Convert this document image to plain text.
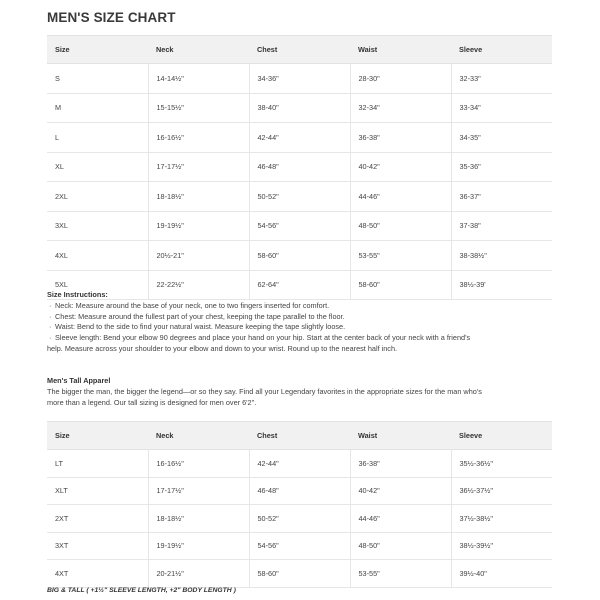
MEN'S SIZE CHART
Size	Neck	Chest	Waist	Sleeve
S	14-14½"	34-36"	28-30"	32-33"
M	15-15½"	38-40"	32-34"	33-34"
L	16-16½"	42-44"	36-38"	34-35"
XL	17-17½"	46-48"	40-42"	35-36"
2XL	18-18½"	50-52"	44-46"	36-37"
3XL	19-19½"	54-56"	48-50"	37-38"
4XL	20½-21"	58-60"	53-55"	38-38½"
5XL	22-22½"	62-64"	58-60"	38½-39'
Size Instructions:
· Neck: Measure around the base of your neck, one to two fingers inserted for comfort.
· Chest: Measure around the fullest part of your chest, keeping the tape parallel to the floor.
· Waist: Bend to the side to find your natural waist. Measure keeping the tape slightly loose.
· Sleeve length: Bend your elbow 90 degrees and place your hand on your hip. Start at the center back of your neck with a friend's
help. Measure across your shoulder to your elbow and down to your wrist. Round up to the nearest half inch.
Men's Tall Apparel
The bigger the man, the bigger the legend—or so they say. Find all your Legendary favorites in the appropriate sizes for the man who's
more than a legend. Our tall sizing is designed for men over 6'2".
Size	Neck	Chest	Waist	Sleeve
LT	16-16½"	42-44"	36-38"	35½-36½"
XLT	17-17½"	46-48"	40-42"	36½-37½"
2XT	18-18½"	50-52"	44-46"	37½-38½"
3XT	19-19½"	54-56"	48-50"	38½-39½"
4XT	20-21½"	58-60"	53-55"	39½-40"
BIG & TALL ( +1½" SLEEVE LENGTH, +2" BODY LENGTH )
